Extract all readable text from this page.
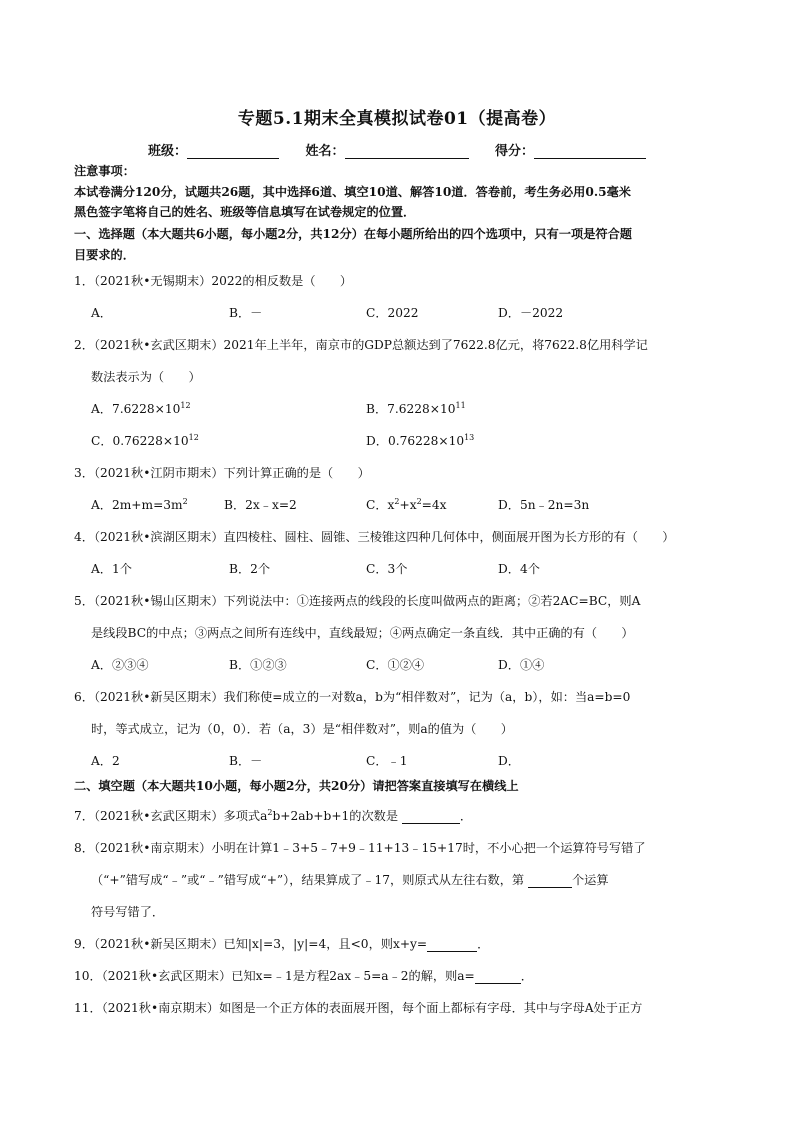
专题5.1期末全真模拟试卷01（提高卷）
班级：	姓名：	得分：
注意事项：
本试卷满分120分，试题共26题，其中选择6道、填空10道、解答10道．答卷前，考生务必用0.5毫米
黑色签字笔将自己的姓名、班级等信息填写在试卷规定的位置．
一、选择题（本大题共6小题，每小题2分，共12分）在每小题所给出的四个选项中，只有一项是符合题
目要求的．
1．（2021秋•无锡期末）2022的相反数是（　　）
A．	B．－	C．2022	D．－2022
2．（2021秋•玄武区期末）2021年上半年，南京市的GDP总额达到了7622.8亿元，将7622.8亿用科学记
数法表示为（　　）
A．$7.6228\times 10^{12}$	B．$7.6228\times 10^{11}$
C．$0.76228\times 10^{12}$	D．$0.76228\times 10^{13}$
3．（2021秋•江阴市期末）下列计算正确的是（　　）
A．$2m+m=3m^2$	B．2x﹣x=2	C．$x^2+x^2=4x$	D．5n﹣2n=3n
4．（2021秋•滨湖区期末）直四棱柱、圆柱、圆锥、三棱锥这四种几何体中，侧面展开图为长方形的有（　　）
A．1个	B．2个	C．3个	D．4个
5．（2021秋•锡山区期末）下列说法中：①连接两点的线段的长度叫做两点的距离；②若2AC=BC，则A
是线段BC的中点；③两点之间所有连线中，直线最短；④两点确定一条直线．其中正确的有（　　）
A．②③④	B．①②③	C．①②④	D．①④
6．（2021秋•新吴区期末）我们称使=成立的一对数a，b为“相伴数对”，记为（a，b），如：当a=b=0
时，等式成立，记为（0，0）．若（a，3）是“相伴数对”，则a的值为（　　）
A．2	B．－	C．﹣1	D．
二、填空题（本大题共10小题，每小题2分，共20分）请把答案直接填写在横线上
7．（2021秋•玄武区期末）多项式$a^2b+2ab+b+1$的次数是	．
8．（2021秋•南京期末）小明在计算1﹣3+5﹣7+9﹣11+13﹣15+17时，不小心把一个运算符号写错了
（“+”错写成“﹣”或“﹣”错写成“+”），结果算成了﹣17，则原式从左往右数，第	个运算
符号写错了．
9．（2021秋•新吴区期末）已知|x|=3，|y|=4，且<0，则x+y=	．
10．（2021秋•玄武区期末）已知x=﹣1是方程2ax﹣5=a﹣2的解，则a=	．
11．（2021秋•南京期末）如图是一个正方体的表面展开图，每个面上都标有字母．其中与字母A处于正方
